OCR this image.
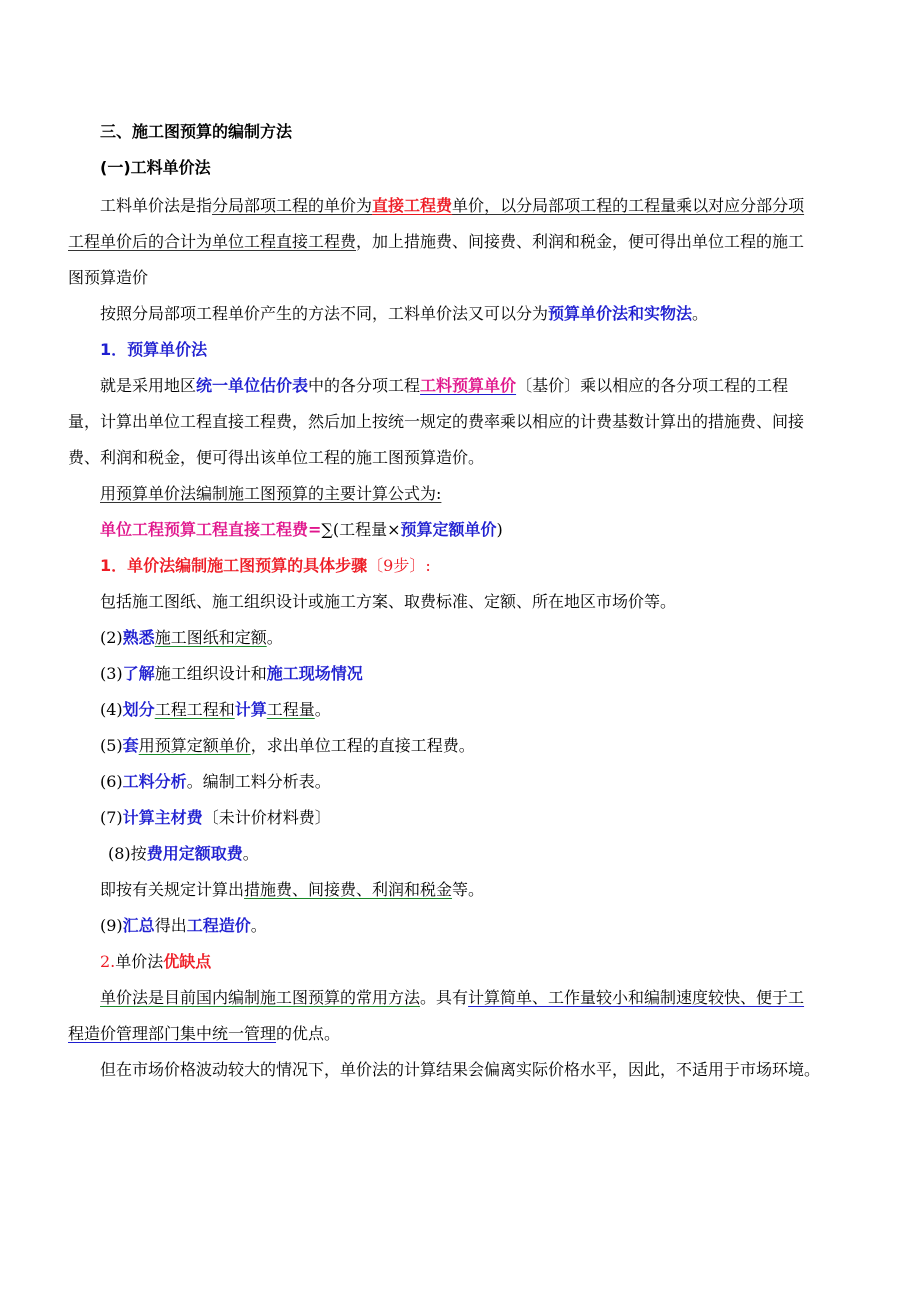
三、施工图预算的编制方法

(一)工料单价法

工料单价法是指分局部项工程的单价为直接工程费单价，以分局部项工程的工程量乘以对应分部分项工程单价后的合计为单位工程直接工程费，加上措施费、间接费、利润和税金，便可得出单位工程的施工图预算造价

按照分局部项工程单价产生的方法不同，工料单价法又可以分为预算单价法和实物法。

1．预算单价法

就是采用地区统一单位估价表中的各分项工程工料预算单价〔基价〕乘以相应的各分项工程的工程量，计算出单位工程直接工程费，然后加上按统一规定的费率乘以相应的计费基数计算出的措施费、间接费、利润和税金，便可得出该单位工程的施工图预算造价。

用预算单价法编制施工图预算的主要计算公式为:

单位工程预算工程直接工程费=∑(工程量×预算定额单价)

1．单价法编制施工图预算的具体步骤〔9步〕:

包括施工图纸、施工组织设计或施工方案、取费标准、定额、所在地区市场价等。

(2)熟悉施工图纸和定额。

(3)了解施工组织设计和施工现场情况

(4)划分工程工程和计算工程量。

(5)套用预算定额单价，求出单位工程的直接工程费。

(6)工料分析。编制工料分析表。

(7)计算主材费〔未计价材料费〕

(8)按费用定额取费。

即按有关规定计算出措施费、间接费、利润和税金等。

(9)汇总得出工程造价。

2.单价法优缺点

单价法是目前国内编制施工图预算的常用方法。具有计算简单、工作量较小和编制速度较快、便于工程造价管理部门集中统一管理的优点。

但在市场价格波动较大的情况下，单价法的计算结果会偏离实际价格水平，因此，不适用于市场环境。
